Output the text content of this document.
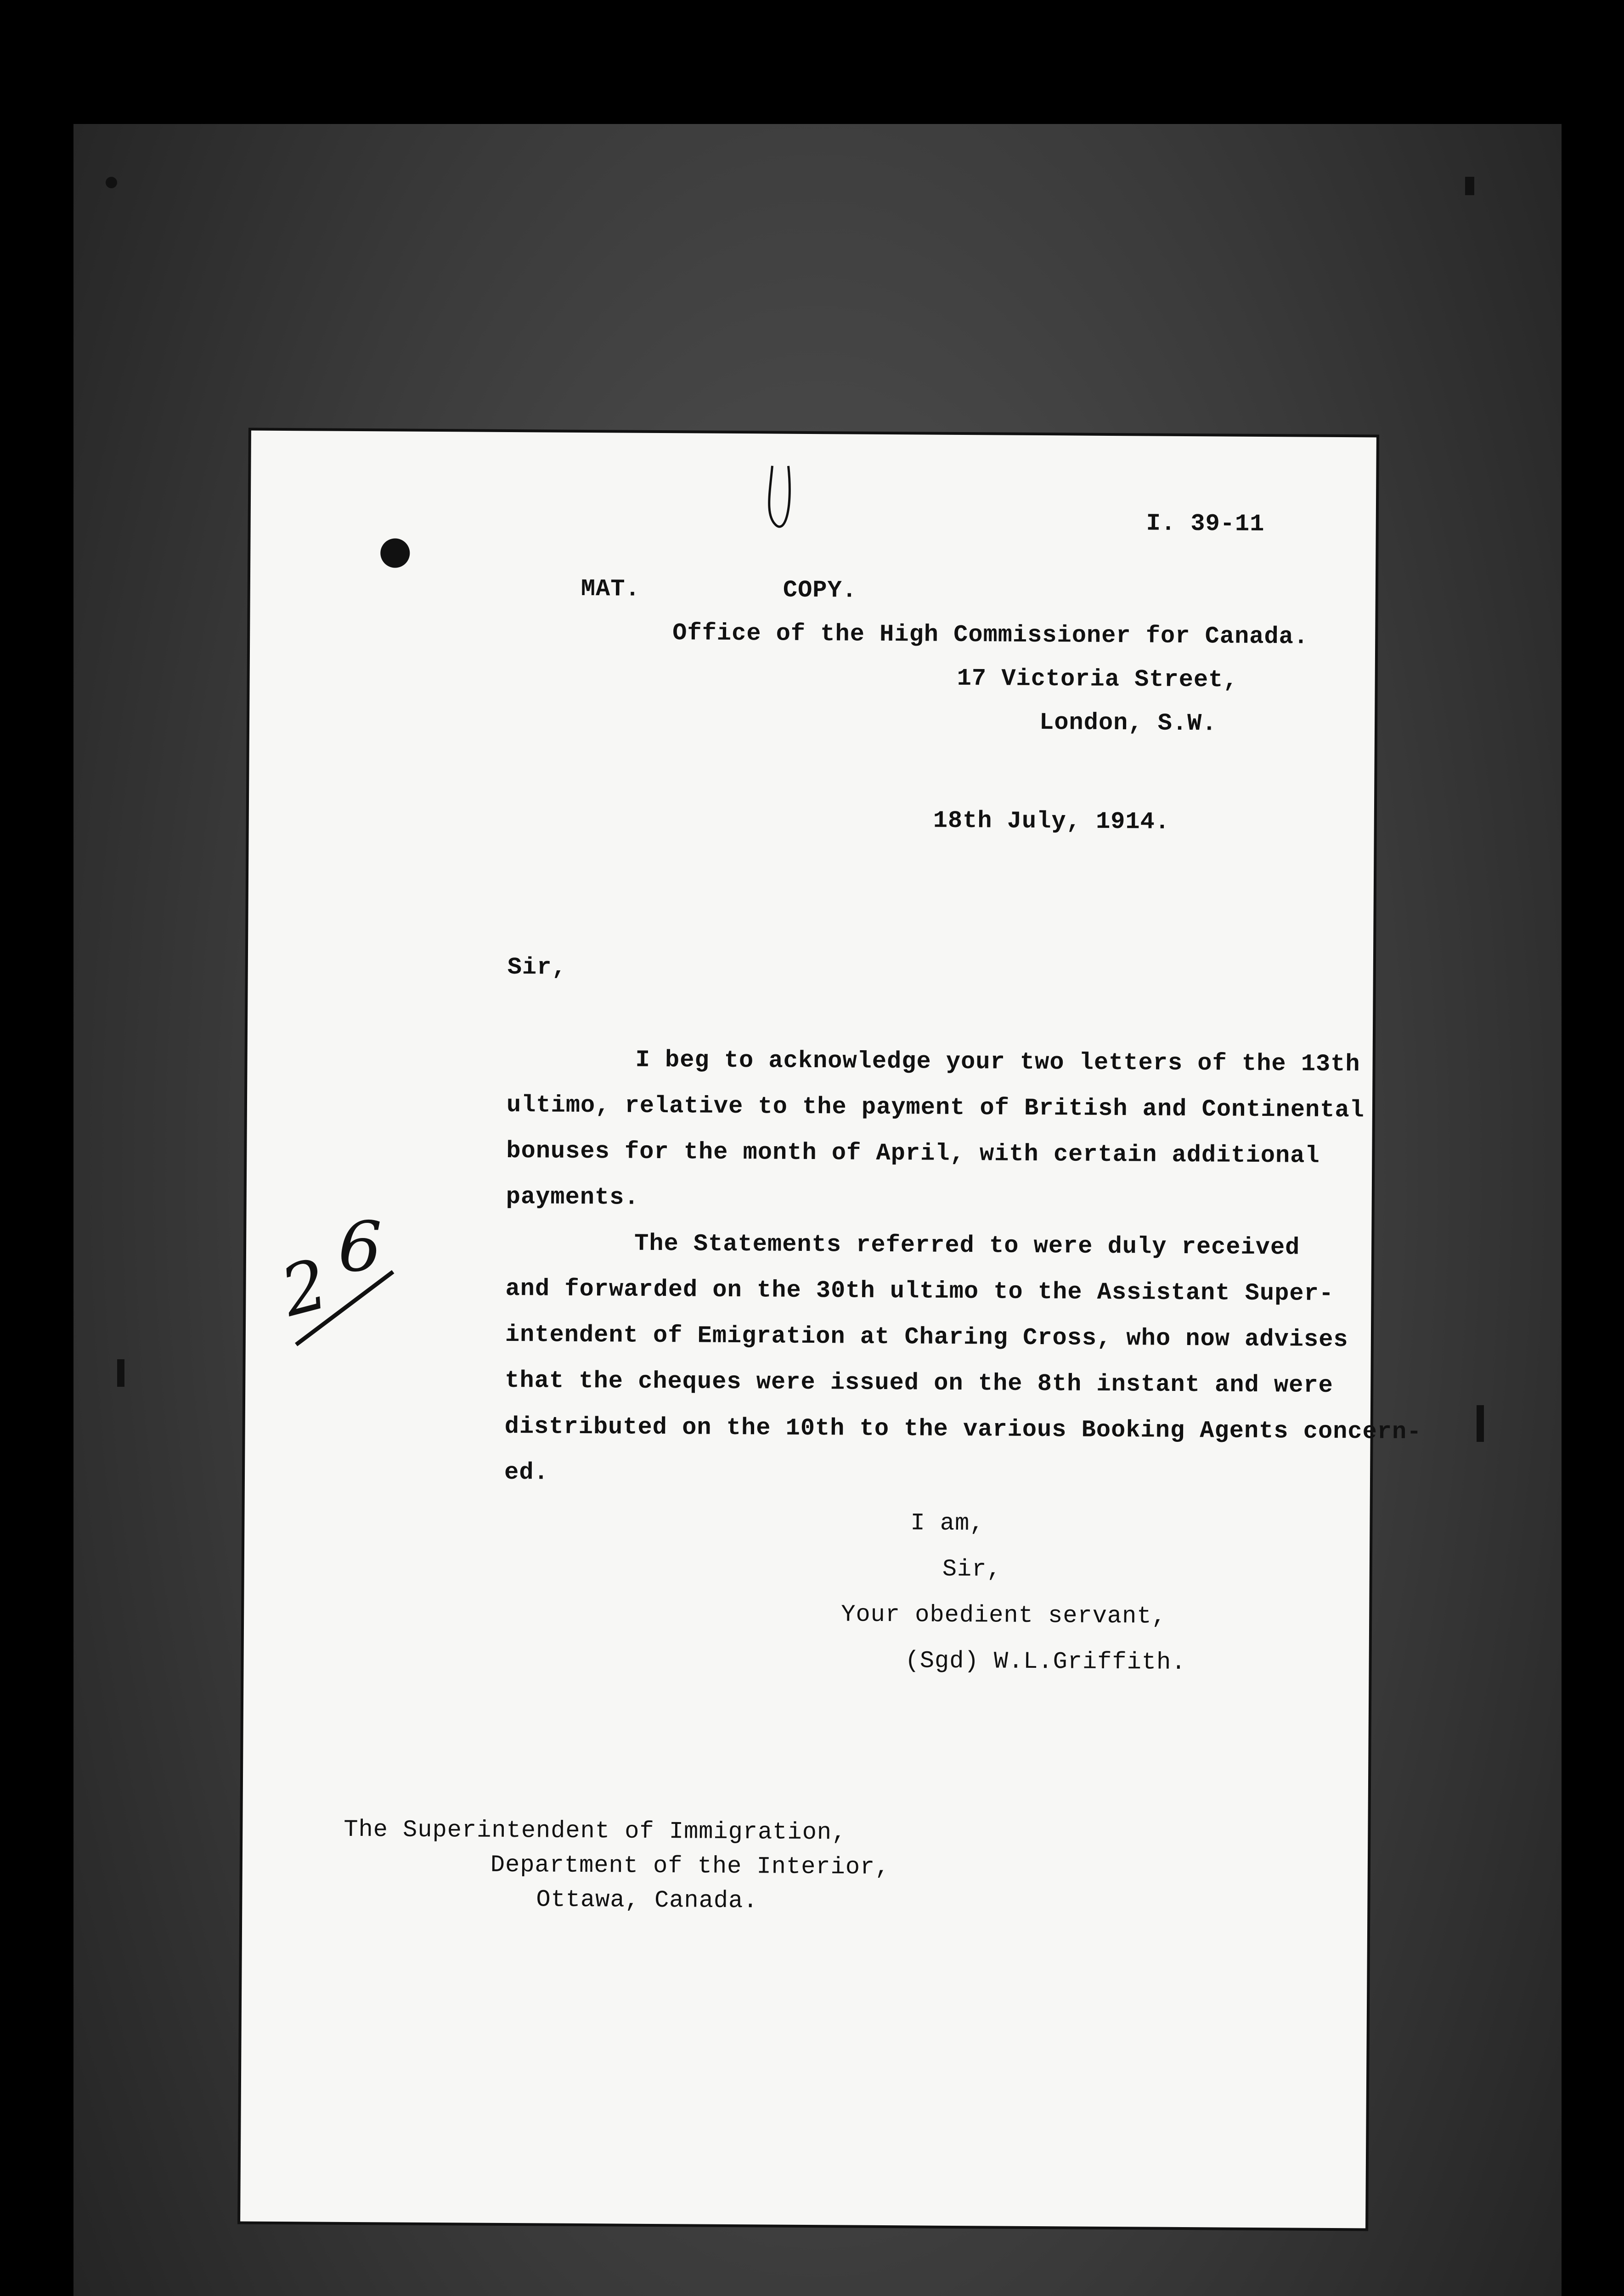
I. 39-11
MAT.	COPY.
Office of the High Commissioner for Canada.
17 Victoria Street,
London, S.W.
18th July, 1914.
Sir,
I beg to acknowledge your two letters of the 13th
ultimo, relative to the payment of British and Continental
bonuses for the month of April, with certain additional
payments.
The Statements referred to were duly received
and forwarded on the 30th ultimo to the Assistant Super-
intendent of Emigration at Charing Cross, who now advises
that the cheques were issued on the 8th instant and were
distributed on the 10th to the various Booking Agents concern-
ed.
I am,
Sir,
Your obedient servant,
(Sgd) W.L.Griffith.
The Superintendent of Immigration,
Department of the Interior,
Ottawa, Canada.
2 6
